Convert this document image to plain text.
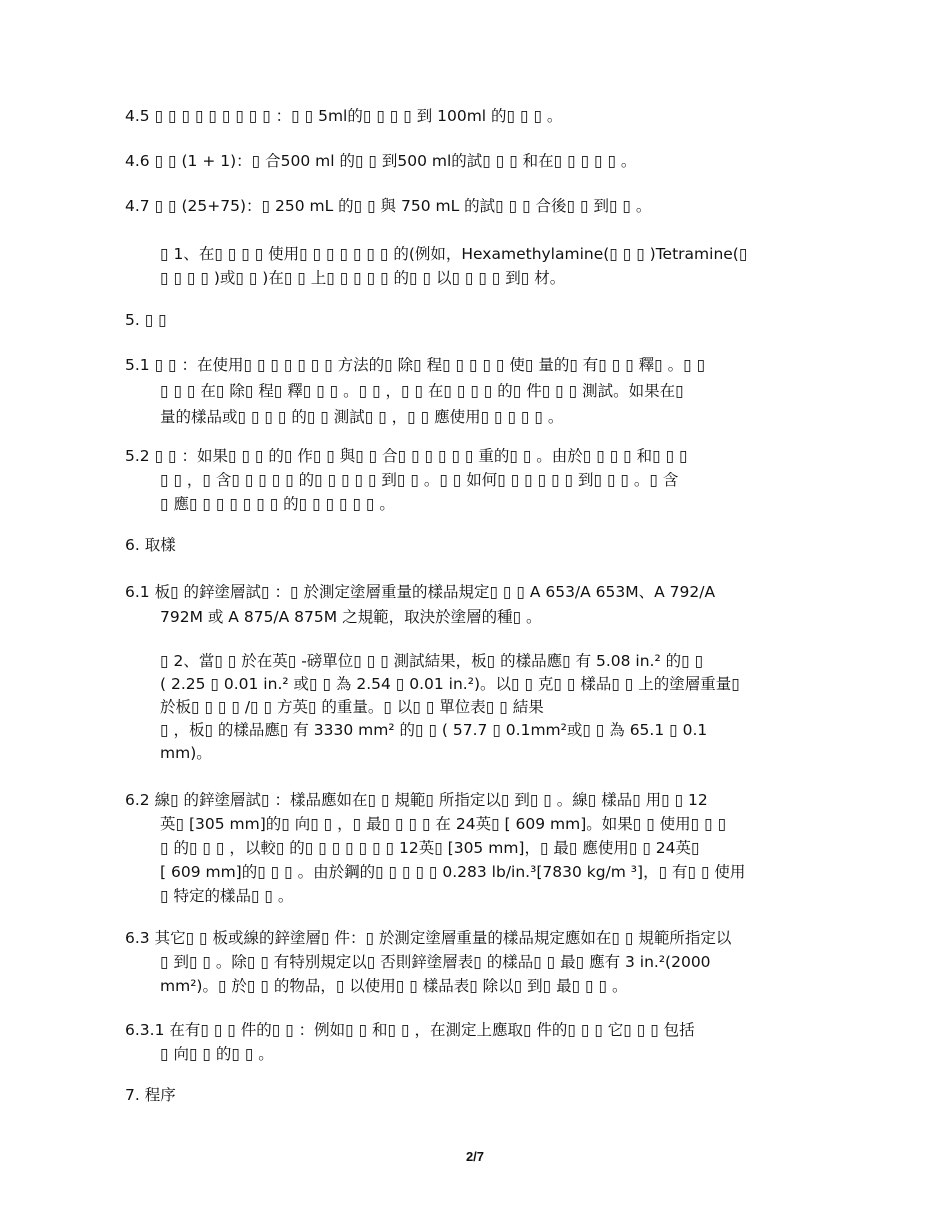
4.5 ▯ ▯ ▯ ▯ ▯ ▯ ▯ ▯ ▯ ：▯ ▯ 5ml的▯ ▯ ▯ ▯ 到 100ml 的▯ ▯ ▯ 。
4.6 ▯ ▯ (1 + 1)：▯ 合500 ml 的▯ ▯ 到500 ml的試▯ ▯ ▯ 和在▯ ▯ ▯ ▯ ▯ 。
4.7 ▯ ▯ (25+75)：▯ 250 mL 的▯ ▯ 與 750 mL 的試▯ ▯ ▯ 合後▯ ▯ 到▯ ▯ 。
▯ 1、在▯ ▯ ▯ ▯ 使用▯ ▯ ▯ ▯ ▯ ▯ ▯ 的(例如，Hexamethylamine(▯ ▯ ▯ )Tetramine(▯
▯ ▯ ▯ ▯ )或▯ ▯ )在▯ ▯ 上▯ ▯ ▯ ▯ ▯ 的▯ ▯ 以▯ ▯ ▯ ▯ 到▯ 材。
5. ▯ ▯
5.1 ▯ ▯ ：在使用▯ ▯ ▯ ▯ ▯ ▯ ▯ 方法的▯ 除▯ 程▯ ▯ ▯ ▯ ▯ 使▯ 量的▯ 有▯ ▯ ▯ 釋▯ 。▯ ▯
▯ ▯ ▯ 在▯ 除▯ 程▯ 釋▯ ▯ ▯ 。▯ ▯ ，▯ ▯ 在▯ ▯ ▯ ▯ 的▯ 件▯ ▯ ▯ 測試。如果在▯
量的樣品或▯ ▯ ▯ ▯ 的▯ ▯ 測試▯ ▯ ，▯ ▯ 應使用▯ ▯ ▯ ▯ ▯ 。
5.2 ▯ ▯ ：如果▯ ▯ ▯ 的▯ 作▯ ▯ 與▯ ▯ 合▯ ▯ ▯ ▯ ▯ ▯ 重的▯ ▯ 。由於▯ ▯ ▯ ▯ 和▯ ▯ ▯
▯ ▯ ，▯ 含▯ ▯ ▯ ▯ ▯ 的▯ ▯ ▯ ▯ ▯ 到▯ ▯ 。▯ ▯ 如何▯ ▯ ▯ ▯ ▯ ▯ 到▯ ▯ ▯ 。▯ 含
▯ 應▯ ▯ ▯ ▯ ▯ ▯ ▯ 的▯ ▯ ▯ ▯ ▯ ▯ 。
6. 取樣
6.1 板▯ 的鋅塗層試▯ ：▯ 於測定塗層重量的樣品規定▯ ▯ ▯ A 653/A 653M、A 792/A
792M 或 A 875/A 875M 之規範，取決於塗層的種▯ 。
▯ 2、當▯ ▯ 於在英▯ -磅單位▯ ▯ ▯ 測試結果，板▯ 的樣品應▯ 有 5.08 in.² 的▯ ▯
( 2.25 ▯ 0.01 in.² 或▯ ▯ 為 2.54 ▯ 0.01 in.²)。以▯ ▯ 克▯ ▯ 樣品▯ ▯ 上的塗層重量▯
於板▯ ▯ ▯ ▯ /▯ ▯ 方英▯ 的重量。▯ 以▯ ▯ 單位表▯ ▯ 結果
▯ ，板▯ 的樣品應▯ 有 3330 mm² 的▯ ▯ ( 57.7 ▯ 0.1mm²或▯ ▯ 為 65.1 ▯ 0.1
mm)。
6.2 線▯ 的鋅塗層試▯ ：樣品應如在▯ ▯ 規範▯ 所指定以▯ 到▯ ▯ 。線▯ 樣品▯ 用▯ ▯ 12
英▯ [305 mm]的▯ 向▯ ▯ ，▯ 最▯ ▯ ▯ ▯ 在 24英▯ [ 609 mm]。如果▯ ▯ 使用▯ ▯ ▯
▯ 的▯ ▯ ▯ ，以較▯ 的▯ ▯ ▯ ▯ ▯ ▯ ▯ 12英▯ [305 mm]，▯ 最▯ 應使用▯ ▯ 24英▯
[ 609 mm]的▯ ▯ ▯ 。由於鋼的▯ ▯ ▯ ▯ ▯ 0.283 lb/in.³[7830 kg/m ³]，▯ 有▯ ▯ 使用
▯ 特定的樣品▯ ▯ 。
6.3 其它▯ ▯ 板或線的鋅塗層▯ 件：▯ 於測定塗層重量的樣品規定應如在▯ ▯ 規範所指定以
▯ 到▯ ▯ 。除▯ ▯ 有特別規定以▯ 否則鋅塗層表▯ 的樣品▯ ▯ 最▯ 應有 3 in.²(2000
mm²)。▯ 於▯ ▯ 的物品，▯ 以使用▯ ▯ 樣品表▯ 除以▯ 到▯ 最▯ ▯ ▯ 。
6.3.1 在有▯ ▯ ▯ 件的▯ ▯ ：例如▯ ▯ 和▯ ▯ ，在測定上應取▯ 件的▯ ▯ ▯ 它▯ ▯ ▯ 包括
▯ 向▯ ▯ 的▯ ▯ 。
7. 程序
2/7
